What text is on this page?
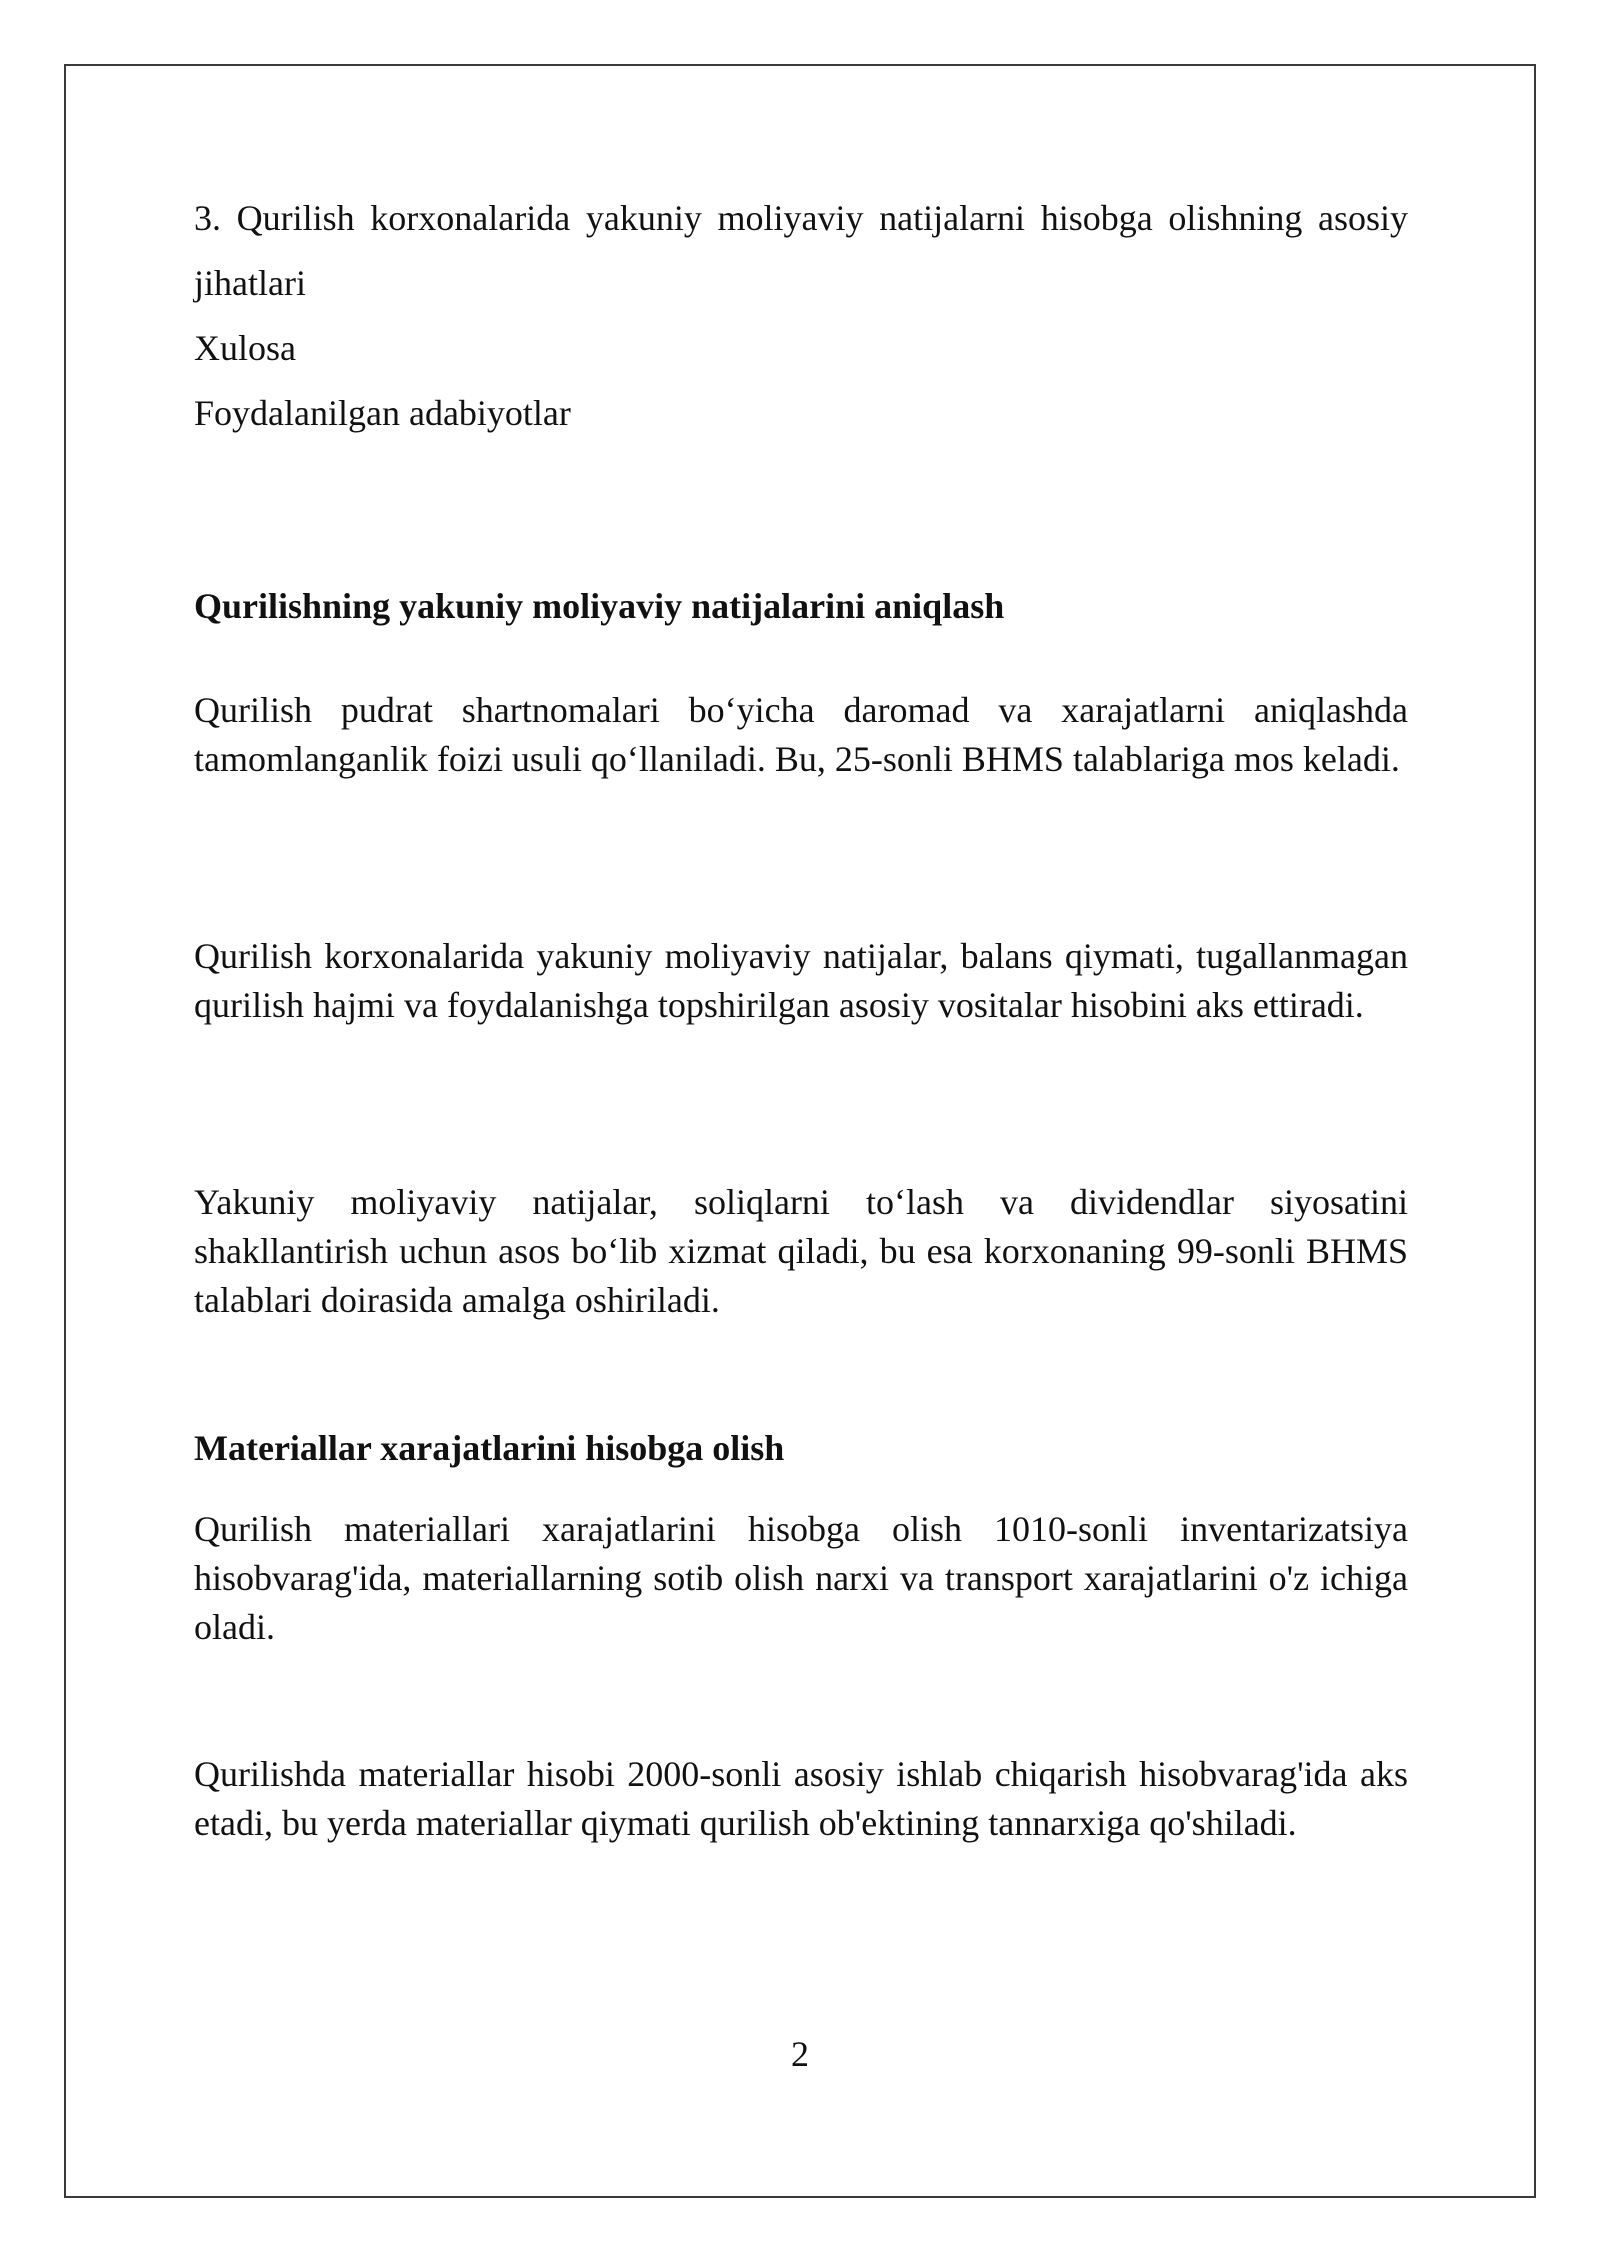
3. Qurilish korxonalarida yakuniy moliyaviy natijalarni hisobga olishning asosiy jihatlari

Xulosa

Foydalanilgan adabiyotlar

Qurilishning yakuniy moliyaviy natijalarini aniqlash

Qurilish pudrat shartnomalari bo‘yicha daromad va xarajatlarni aniqlashda tamomlanganlik foizi usuli qo‘llaniladi. Bu, 25-sonli BHMS talablariga mos keladi.

Qurilish korxonalarida yakuniy moliyaviy natijalar, balans qiymati, tugallanmagan qurilish hajmi va foydalanishga topshirilgan asosiy vositalar hisobini aks ettiradi.

Yakuniy moliyaviy natijalar, soliqlarni to‘lash va dividendlar siyosatini shakllantirish uchun asos bo‘lib xizmat qiladi, bu esa korxonaning 99-sonli BHMS talablari doirasida amalga oshiriladi.

Materiallar xarajatlarini hisobga olish

Qurilish materiallari xarajatlarini hisobga olish 1010-sonli inventarizatsiya hisobvarag'ida, materiallarning sotib olish narxi va transport xarajatlarini o'z ichiga oladi.

Qurilishda materiallar hisobi 2000-sonli asosiy ishlab chiqarish hisobvarag'ida aks etadi, bu yerda materiallar qiymati qurilish ob'ektining tannarxiga qo'shiladi.

2
